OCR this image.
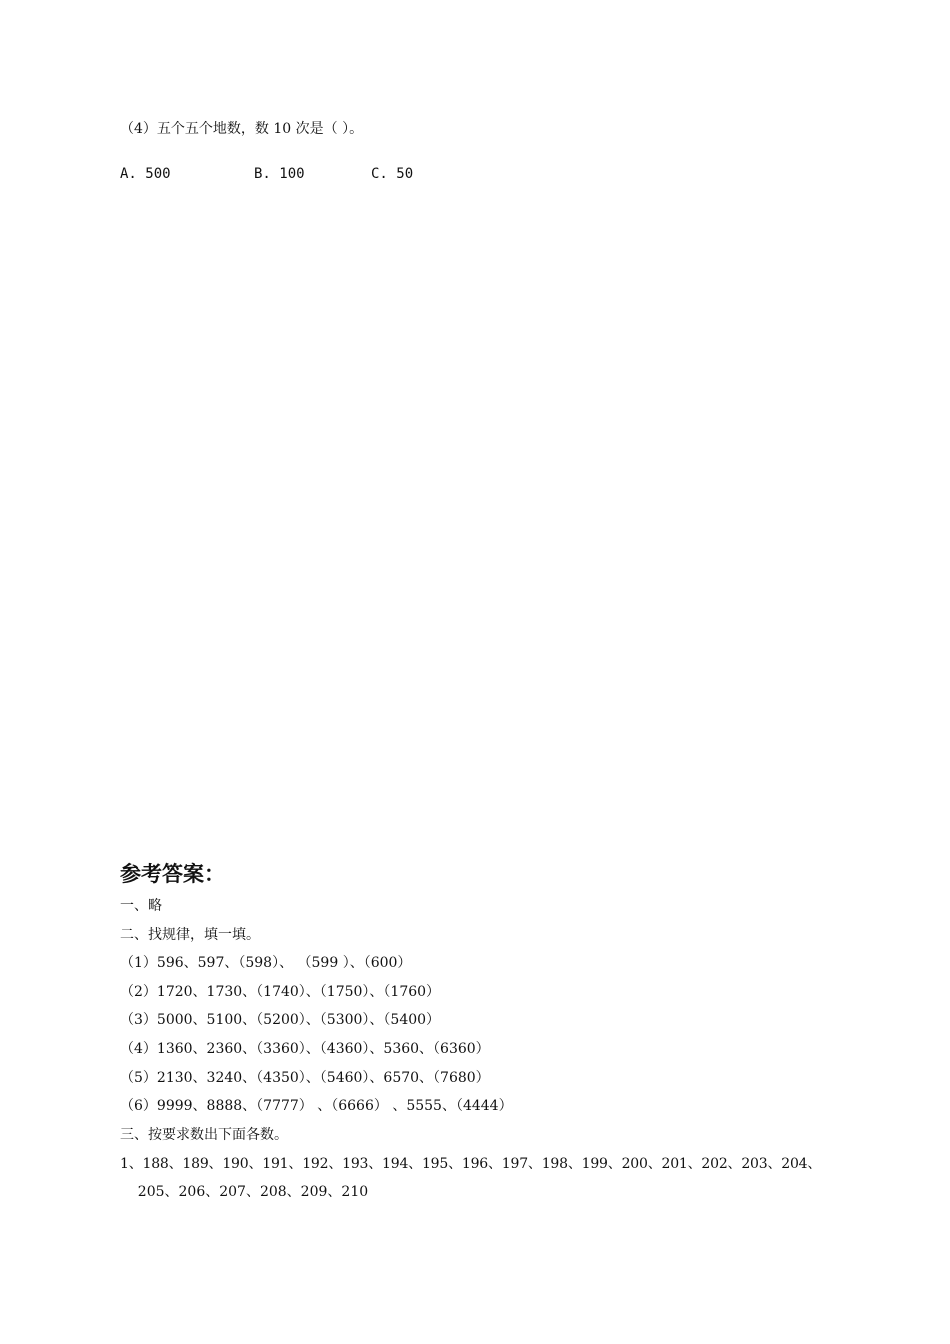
（4）五个五个地数，数 10 次是（ ）。
A. 500	B. 100	C. 50
参考答案：
一、略
二、找规律，填一填。
（1）596、597、（598）、 （599 ）、（600）
（2）1720、1730、（1740）、（1750）、（1760）
（3）5000、5100、（5200）、（5300）、（5400）
（4）1360、2360、（3360）、（4360）、5360、（6360）
（5）2130、3240、（4350）、（5460）、6570、（7680）
（6）9999、8888、（7777） 、（6666） 、5555、（4444）
三、按要求数出下面各数。
1、188、189、190、191、192、193、194、195、196、197、198、199、200、201、202、203、204、
205、206、207、208、209、210
